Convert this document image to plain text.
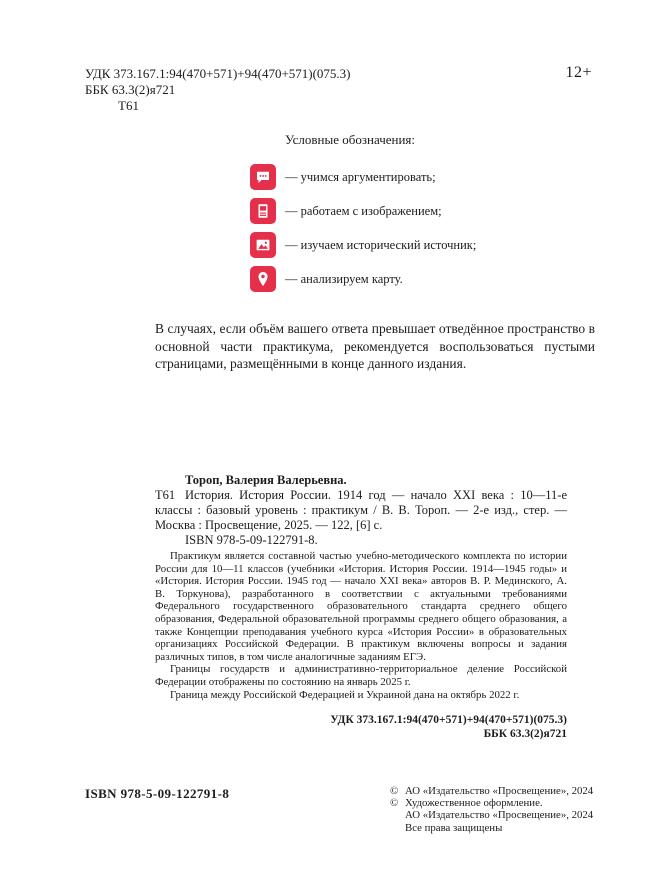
УДК 373.167.1:94(470+571)+94(470+571)(075.3)
ББК 63.3(2)я721
Т61
12+
Условные обозначения:
— учимся аргументировать;
— работаем с изображением;
— изучаем исторический источник;
— анализируем карту.

В случаях, если объём вашего ответа превышает отведённое пространство в основной части практикума, рекомендуется воспользоваться пустыми страницами, размещёнными в конце данного издания.

Тороп, Валерия Валерьевна.
Т61 История. История России. 1914 год — начало XXI века : 10—11-е классы : базовый уровень : практикум / В. В. Тороп. — 2-е изд., стер. — Москва : Просвещение, 2025. — 122, [6] с.

ISBN 978-5-09-122791-8.

Практикум является составной частью учебно-методического комплекта по истории России для 10—11 классов (учебники «История. История России. 1914—1945 годы» и «История. История России. 1945 год — начало XXI века» авторов В. Р. Мединского, А. В. Торкунова), разработанного в соответствии с актуальными требованиями Федерального государственного образовательного стандарта среднего общего образования, Федеральной образовательной программы среднего общего образования, а также Концепции преподавания учебного курса «История России» в образовательных организациях Российской Федерации. В практикум включены вопросы и задания различных типов, в том числе аналогичные заданиям ЕГЭ.

Границы государств и административно-территориальное деление Российской Федерации отображены по состоянию на январь 2025 г.

Граница между Российской Федерацией и Украиной дана на октябрь 2022 г.

УДК 373.167.1:94(470+571)+94(470+571)(075.3)
ББК 63.3(2)я721
ISBN 978-5-09-122791-8	© АО «Издательство «Просвещение», 2024
© Художественное оформление.
АО «Издательство «Просвещение», 2024
Все права защищены
